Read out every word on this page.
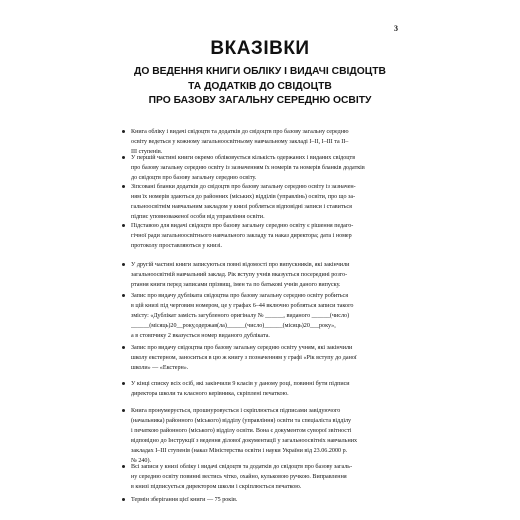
3
ВКАЗІВКИ
ДО ВЕДЕННЯ КНИГИ ОБЛІКУ І ВИДАЧІ СВІДОЦТВ
ТА ДОДАТКІВ ДО СВІДОЦТВ
ПРО БАЗОВУ ЗАГАЛЬНУ СЕРЕДНЮ ОСВІТУ
Книга обліку і видачі свідоцтв та додатків до свідоцтв про базову загальну середню
освіту ведеться у кожному загальноосвітньому навчальному закладі І–ІІ, І–ІІІ та ІІ–
ІІІ ступенів.
У першій частині книги окремо обліковується кількість одержаних і виданих свідоцтв
про базову загальну середню освіту із зазначенням їх номерів та номерів бланків додатків
до свідоцтв про базову загальну середню освіту.
Зіпсовані бланки додатків до свідоцтв про базову загальну середню освіту із зазначен-
ням їх номерів здаються до районних (міських) відділів (управлінь) освіти, про що за-
гальноосвітнім навчальним закладом у книзі робляться відповідні записи і ставиться
підпис уповноваженої особи від управління освіти.
Підставою для видачі свідоцтв про базову загальну середню освіту є рішення педаго-
гічної ради загальноосвітнього навчального закладу та наказ директора; дата і номер
протоколу проставляються у книзі.
У другій частині книги записуються повні відомості про випускників, які закінчили
загальноосвітній навчальний заклад. Рік вступу учнів вказується посередині розго-
ртання книги перед записами прізвищ, імен та по батькові учнів даного випуску.
Запис про видачу дублікатa свідоцтва про базову загальну середню освіту робиться
в цій книзі під черговим номером, це у графах 6–44 включно робляться записи такого
змісту: «Дублікат замість загубленого оригіналу № ______, виданого ______(число)
______(місяць)20__року,одержав(ла)______(число)______(місяць)20___року»,
а в стовпчику 2 вказується номер виданого дубліката.
Запис про видачу свідоцтва про базову загальну середню освіту учням, які закінчили
школу екстерном, заноситься в цю ж книгу з позначенням у графі «Рік вступу до даної
школи» — «Екстерн».
У кінці списку всіх осіб, які закінчили 9 класів у даному році, повинні бути підписи
директора школи та класного керівника, скріплені печаткою.
Книга пронумерується, прошнуровується і скріплюється підписами завідуючого
(начальника) районного (міського) відділу (управління) освіти та спеціаліста відділу
і печаткою районного (міського) відділу освіти. Вона є документом суворої звітності
відповідно до Інструкції з ведення ділової документації у загальноосвітніх навчальних
закладах І–ІІІ ступенів (наказ Міністерства освіти і науки України від 23.06.2000 р.
№ 240).
Всі записи у книзі обліку і видачі свідоцтв та додатків до свідоцтв про базову загаль-
ну середню освіту повинні вестись чітко, охайно, кульковою ручкою. Виправлення
в книзі підписується директором школи і скріплюється печаткою.
Термін зберігання цієї книги — 75 років.
